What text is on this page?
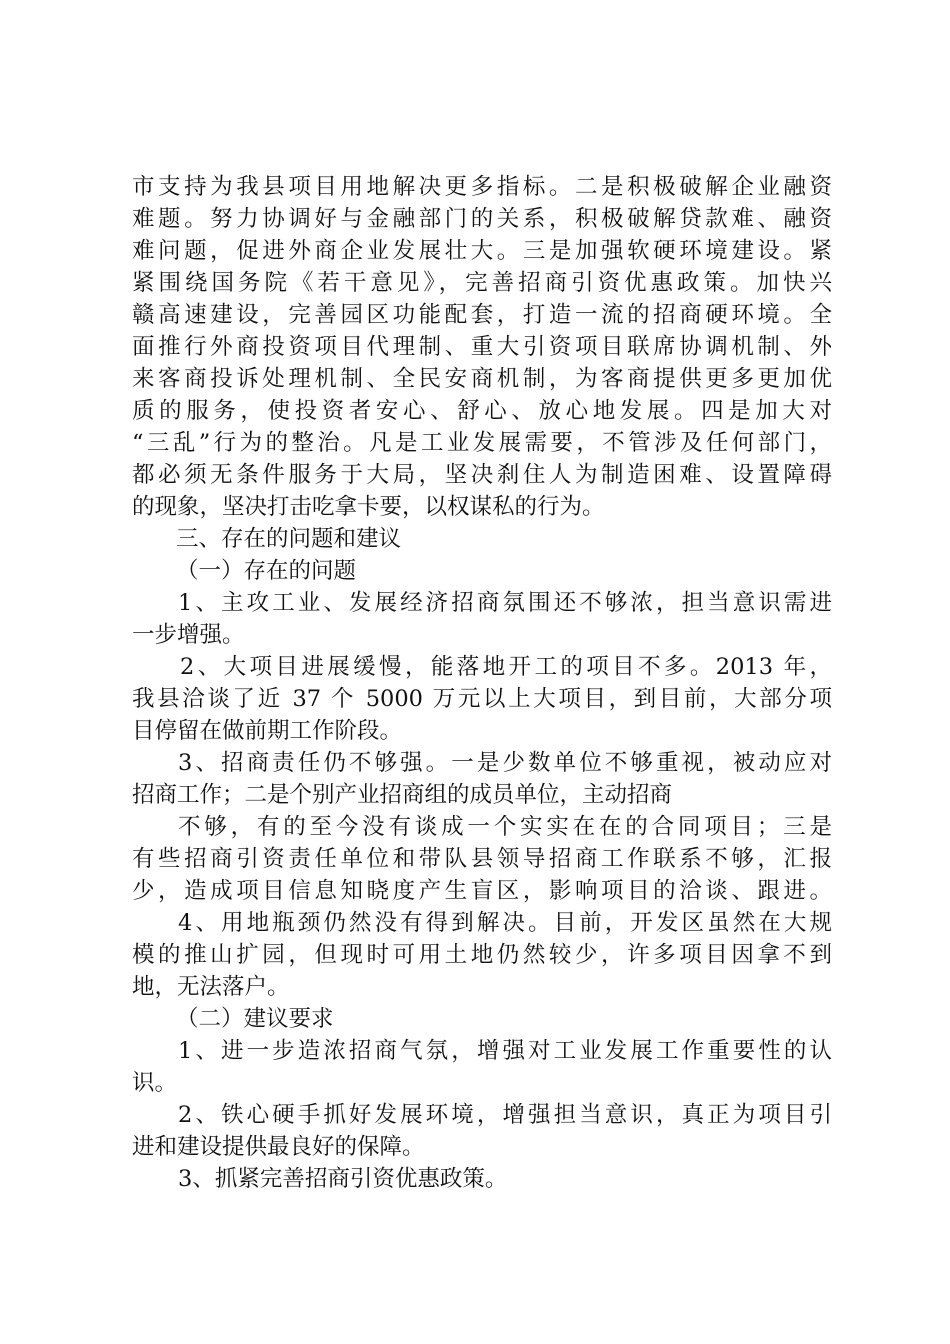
市支持为我县项目用地解决更多指标。二是积极破解企业融资
难题。努力协调好与金融部门的关系，积极破解贷款难、融资
难问题，促进外商企业发展壮大。三是加强软硬环境建设。紧
紧围绕国务院《若干意见》，完善招商引资优惠政策。加快兴
赣高速建设，完善园区功能配套，打造一流的招商硬环境。全
面推行外商投资项目代理制、重大引资项目联席协调机制、外
来客商投诉处理机制、全民安商机制，为客商提供更多更加优
质的服务，使投资者安心、舒心、放心地发展。四是加大对
“三乱”行为的整治。凡是工业发展需要，不管涉及任何部门，
都必须无条件服务于大局，坚决刹住人为制造困难、设置障碍
的现象，坚决打击吃拿卡要，以权谋私的行为。
三、存在的问题和建议
（一）存在的问题
1、主攻工业、发展经济招商氛围还不够浓，担当意识需进
一步增强。
2、大项目进展缓慢，能落地开工的项目不多。2013 年，
我县洽谈了近 37 个 5000 万元以上大项目，到目前，大部分项
目停留在做前期工作阶段。
3、招商责任仍不够强。一是少数单位不够重视，被动应对
招商工作；二是个别产业招商组的成员单位，主动招商
不够，有的至今没有谈成一个实实在在的合同项目；三是
有些招商引资责任单位和带队县领导招商工作联系不够，汇报
少，造成项目信息知晓度产生盲区，影响项目的洽谈、跟进。
4、用地瓶颈仍然没有得到解决。目前，开发区虽然在大规
模的推山扩园，但现时可用土地仍然较少，许多项目因拿不到
地，无法落户。
（二）建议要求
1、进一步造浓招商气氛，增强对工业发展工作重要性的认
识。
2、铁心硬手抓好发展环境，增强担当意识，真正为项目引
进和建设提供最良好的保障。
3、抓紧完善招商引资优惠政策。
